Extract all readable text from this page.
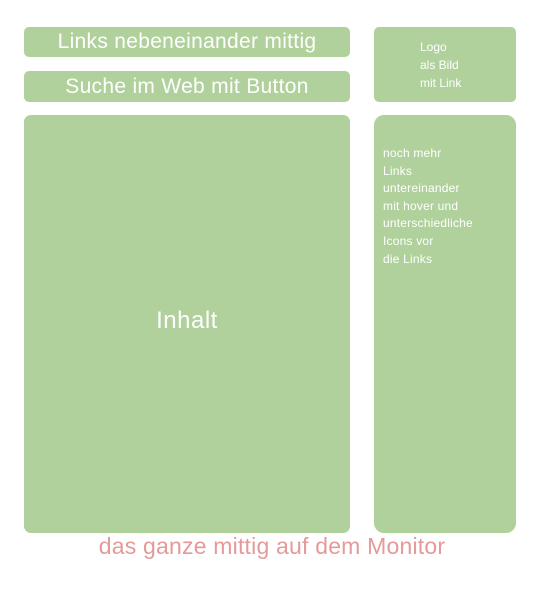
Links nebeneinander mittig
Suche im Web mit Button
Logo
als Bild
mit Link
Inhalt
noch mehr
Links
untereinander
mit hover und
unterschiedliche
Icons vor
die Links
das ganze mittig auf dem Monitor
